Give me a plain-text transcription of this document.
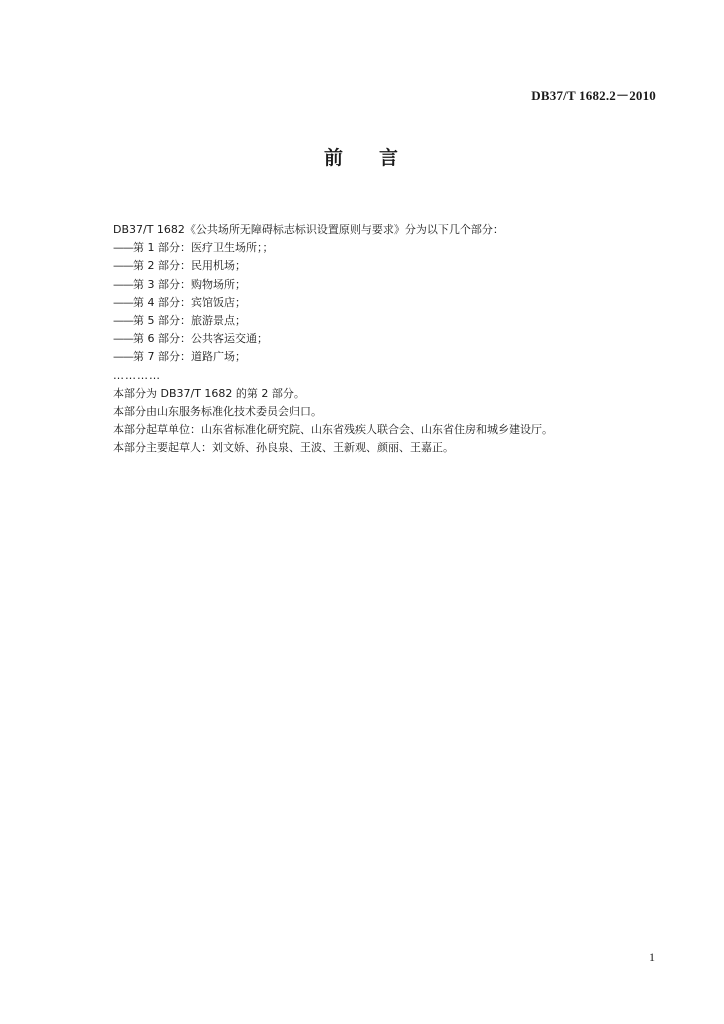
DB37/T 1682.2－2010
前 言
DB37/T 1682《公共场所无障碍标志标识设置原则与要求》分为以下几个部分：
——第 1 部分：医疗卫生场所；；
——第 2 部分：民用机场；
——第 3 部分：购物场所；
——第 4 部分：宾馆饭店；
——第 5 部分：旅游景点；
——第 6 部分：公共客运交通；
——第 7 部分：道路广场；
…………
本部分为 DB37/T 1682 的第 2 部分。
本部分由山东服务标准化技术委员会归口。
本部分起草单位：山东省标准化研究院、山东省残疾人联合会、山东省住房和城乡建设厅。
本部分主要起草人：刘文娇、孙良泉、王波、王新观、颜丽、王嘉正。
1
